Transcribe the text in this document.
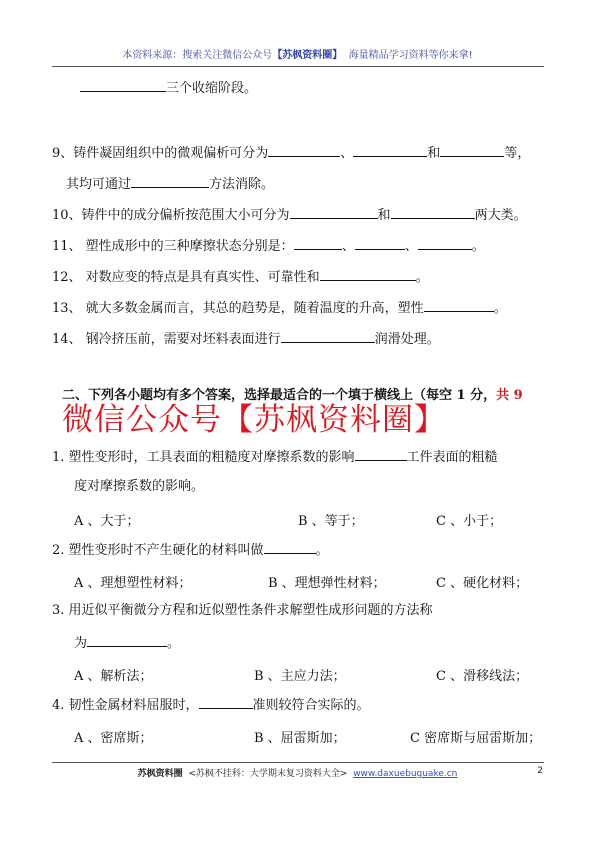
本资料来源：搜索关注微信公众号【苏枫资料圈】 海量精品学习资料等你来拿!
三个收缩阶段。
9、铸件凝固组织中的微观偏析可分为	、	和	等，
其均可通过	方法消除。
10、铸件中的成分偏析按范围大小可分为	和	两大类。
11、 塑性成形中的三种摩擦状态分别是：	、	、	。
12、 对数应变的特点是具有真实性、可靠性和	。
13、 就大多数金属而言，其总的趋势是，随着温度的升高，塑性	。
14、 钢冷挤压前，需要对坯料表面进行	润滑处理。
二、下列各小题均有多个答案，选择最适合的一个填于横线上（每空 1 分，共 9
微信公众号【苏枫资料圈】
1. 塑性变形时，工具表面的粗糙度对摩擦系数的影响	工件表面的粗糙
度对摩擦系数的影响。
A 、大于；	B 、等于；	C 、小于；
2. 塑性变形时不产生硬化的材料叫做	。
A 、理想塑性材料；	B 、理想弹性材料；	C 、硬化材料；
3. 用近似平衡微分方程和近似塑性条件求解塑性成形问题的方法称
为	。
A 、解析法；	B 、主应力法；	C 、滑移线法；
4. 韧性金属材料屈服时，	准则较符合实际的。
A 、密席斯；	B 、屈雷斯加；	C 密席斯与屈雷斯加；
苏枫资料圈 <苏枫不挂科：大学期末复习资料大全> www.daxuebuguake.cn	2
